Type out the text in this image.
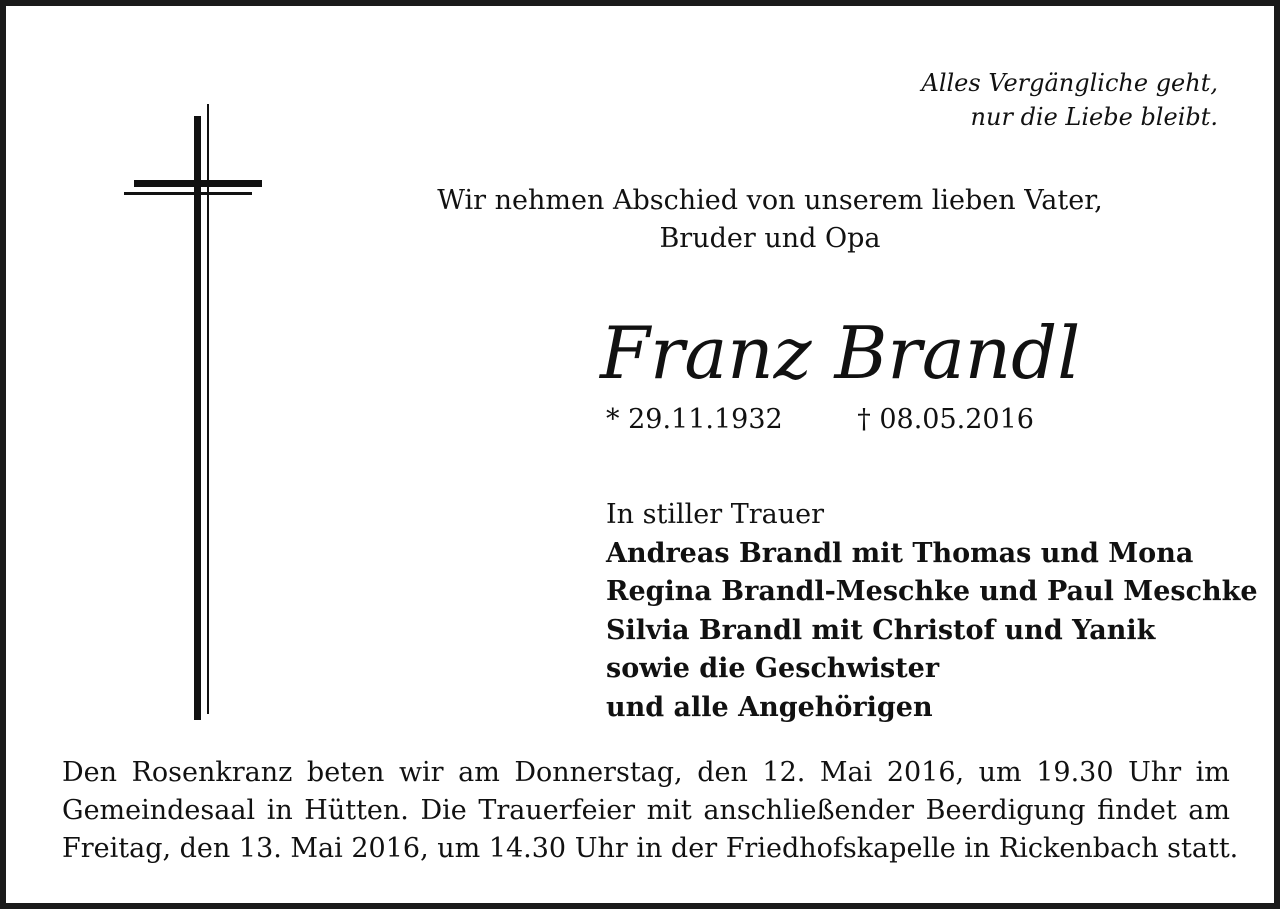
Alles Vergängliche geht,
nur die Liebe bleibt.
Wir nehmen Abschied von unserem lieben Vater,
Bruder und Opa
Franz Brandl
* 29.11.1932	† 08.05.2016
In stiller Trauer
Andreas Brandl mit Thomas und Mona
Regina Brandl-Meschke und Paul Meschke
Silvia Brandl mit Christof und Yanik
sowie die Geschwister
und alle Angehörigen
Den Rosenkranz beten wir am Donnerstag, den 12. Mai 2016, um 19.30 Uhr im
Gemeindesaal in Hütten. Die Trauerfeier mit anschließender Beerdigung findet am
Freitag, den 13. Mai 2016, um 14.30 Uhr in der Friedhofskapelle in Rickenbach statt.
